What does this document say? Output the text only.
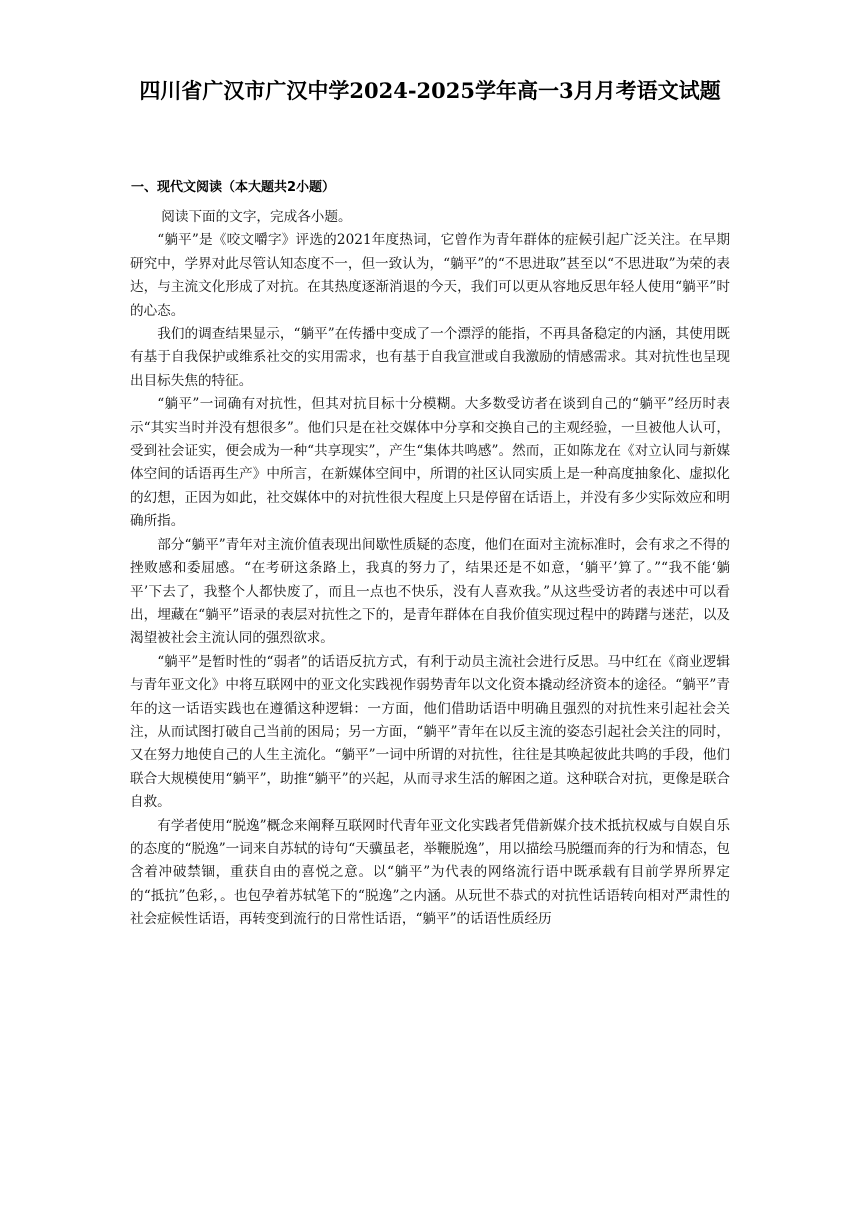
四川省广汉市广汉中学2024-2025学年高一3月月考语文试题
一、现代文阅读（本大题共2小题）

阅读下面的文字，完成各小题。

“躺平”是《咬文嚼字》评选的2021年度热词，它曾作为青年群体的症候引起广泛关注。在早期研究中，学界对此尽管认知态度不一，但一致认为，“躺平”的“不思进取”甚至以“不思进取”为荣的表达，与主流文化形成了对抗。在其热度逐渐消退的今天，我们可以更从容地反思年轻人使用“躺平”时的心态。

我们的调查结果显示，“躺平”在传播中变成了一个漂浮的能指，不再具备稳定的内涵，其使用既有基于自我保护或维系社交的实用需求，也有基于自我宣泄或自我激励的情感需求。其对抗性也呈现出目标失焦的特征。

“躺平”一词确有对抗性，但其对抗目标十分模糊。大多数受访者在谈到自己的“躺平”经历时表示“其实当时并没有想很多”。他们只是在社交媒体中分享和交换自己的主观经验，一旦被他人认可，受到社会证实，便会成为一种“共享现实”，产生“集体共鸣感”。然而，正如陈龙在《对立认同与新媒体空间的话语再生产》中所言，在新媒体空间中，所谓的社区认同实质上是一种高度抽象化、虚拟化的幻想，正因为如此，社交媒体中的对抗性很大程度上只是停留在话语上，并没有多少实际效应和明确所指。

部分“躺平”青年对主流价值表现出间歇性质疑的态度，他们在面对主流标准时，会有求之不得的挫败感和委屈感。“在考研这条路上，我真的努力了，结果还是不如意，‘躺平’算了。”“我不能‘躺平’下去了，我整个人都快废了，而且一点也不快乐，没有人喜欢我。”从这些受访者的表述中可以看出，埋藏在“躺平”语录的表层对抗性之下的，是青年群体在自我价值实现过程中的踌躇与迷茫，以及渴望被社会主流认同的强烈欲求。

“躺平”是暂时性的“弱者”的话语反抗方式，有利于动员主流社会进行反思。马中红在《商业逻辑与青年亚文化》中将互联网中的亚文化实践视作弱势青年以文化资本撬动经济资本的途径。“躺平”青年的这一话语实践也在遵循这种逻辑：一方面，他们借助话语中明确且强烈的对抗性来引起社会关注，从而试图打破自己当前的困局；另一方面，“躺平”青年在以反主流的姿态引起社会关注的同时，又在努力地使自己的人生主流化。“躺平”一词中所谓的对抗性，往往是其唤起彼此共鸣的手段，他们联合大规模使用“躺平”，助推“躺平”的兴起，从而寻求生活的解困之道。这种联合对抗，更像是联合自救。

有学者使用“脱逸”概念来阐释互联网时代青年亚文化实践者凭借新媒介技术抵抗权威与自娱自乐的态度的“脱逸”一词来自苏轼的诗句“天骥虽老，举鞭脱逸”，用以描绘马脱缰而奔的行为和情态，包含着冲破禁锢，重获自由的喜悦之意。以“躺平”为代表的网络流行语中既承载有目前学界所界定的“抵抗”色彩，。也包孕着苏轼笔下的“脱逸”之内涵。从玩世不恭式的对抗性话语转向相对严肃性的社会症候性话语，再转变到流行的日常性话语，“躺平”的话语性质经历
